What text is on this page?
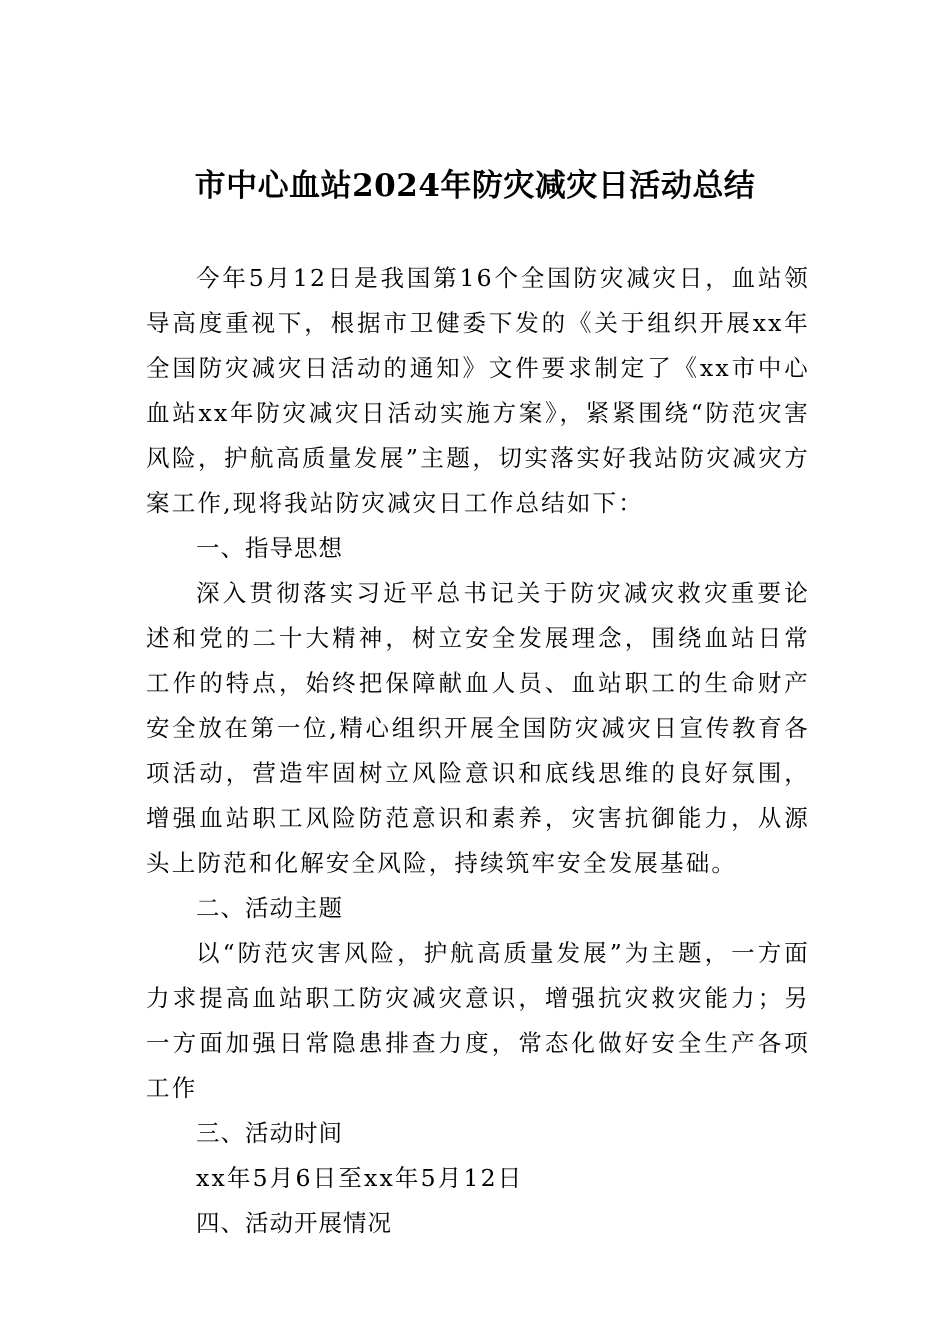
市中心血站2024年防灾减灾日活动总结

今年5月12日是我国第16个全国防灾减灾日，血站领导高度重视下，根据市卫健委下发的《关于组织开展xx年全国防灾减灾日活动的通知》文件要求制定了《xx市中心血站xx年防灾减灾日活动实施方案》，紧紧围绕“防范灾害风险，护航高质量发展”主题，切实落实好我站防灾减灾方案工作,现将我站防灾减灾日工作总结如下：

一、指导思想

深入贯彻落实习近平总书记关于防灾减灾救灾重要论述和党的二十大精神，树立安全发展理念，围绕血站日常工作的特点，始终把保障献血人员、血站职工的生命财产安全放在第一位,精心组织开展全国防灾减灾日宣传教育各项活动，营造牢固树立风险意识和底线思维的良好氛围，增强血站职工风险防范意识和素养，灾害抗御能力，从源头上防范和化解安全风险，持续筑牢安全发展基础。

二、活动主题

以“防范灾害风险，护航高质量发展”为主题，一方面力求提高血站职工防灾减灾意识，增强抗灾救灾能力；另一方面加强日常隐患排查力度，常态化做好安全生产各项工作

三、活动时间

xx年5月6日至xx年5月12日

四、活动开展情况
